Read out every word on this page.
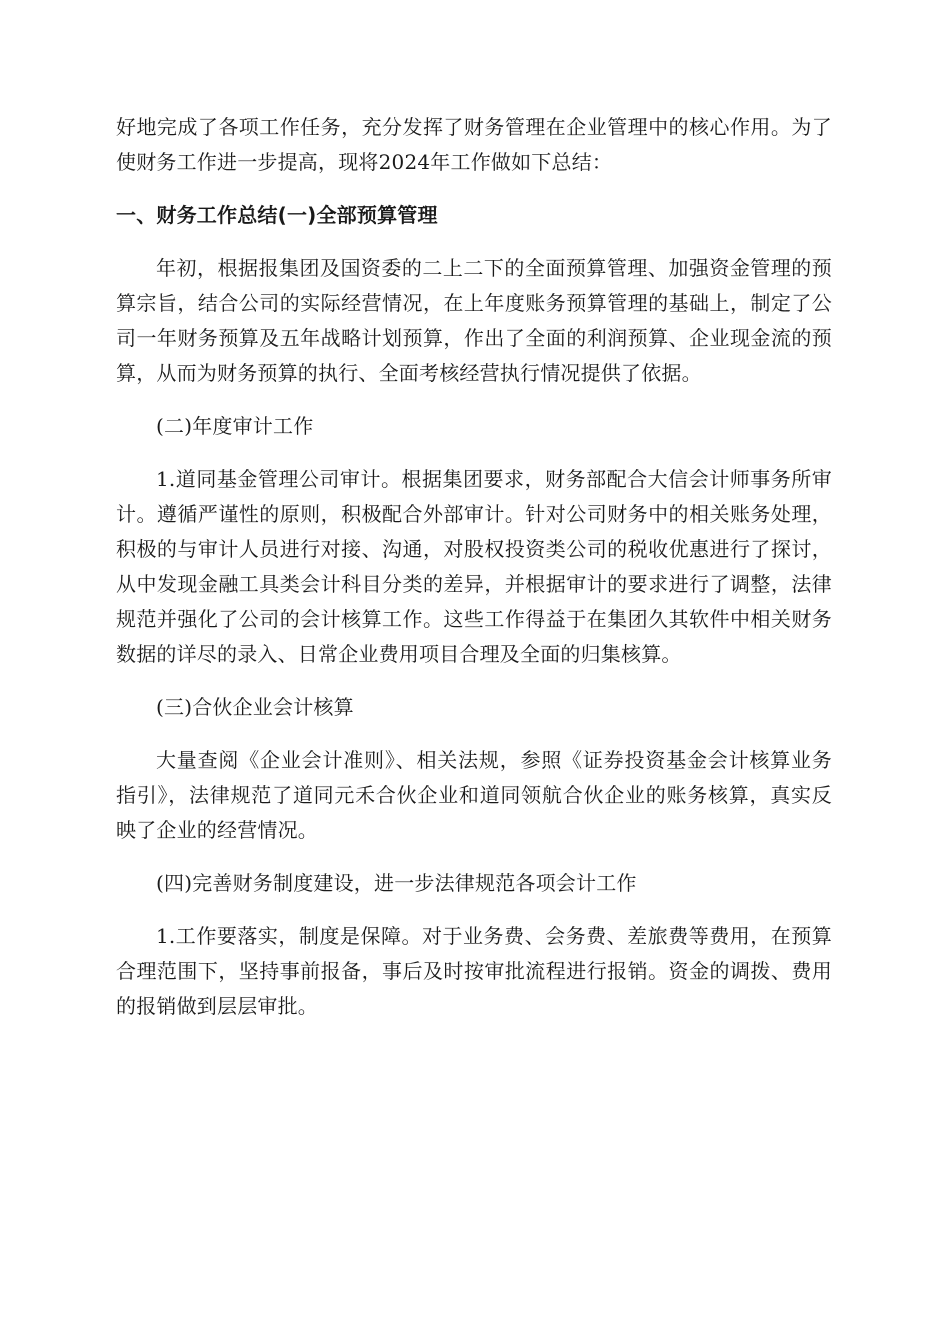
好地完成了各项工作任务，充分发挥了财务管理在企业管理中的核心作用。为了使财务工作进一步提高，现将2024年工作做如下总结：

一、财务工作总结(一)全部预算管理

年初，根据报集团及国资委的二上二下的全面预算管理、加强资金管理的预算宗旨，结合公司的实际经营情况，在上年度账务预算管理的基础上，制定了公司一年财务预算及五年战略计划预算，作出了全面的利润预算、企业现金流的预算，从而为财务预算的执行、全面考核经营执行情况提供了依据。

(二)年度审计工作

1.道同基金管理公司审计。根据集团要求，财务部配合大信会计师事务所审计。遵循严谨性的原则，积极配合外部审计。针对公司财务中的相关账务处理，积极的与审计人员进行对接、沟通，对股权投资类公司的税收优惠进行了探讨，从中发现金融工具类会计科目分类的差异，并根据审计的要求进行了调整，法律规范并强化了公司的会计核算工作。这些工作得益于在集团久其软件中相关财务数据的详尽的录入、日常企业费用项目合理及全面的归集核算。

(三)合伙企业会计核算

大量查阅《企业会计准则》、相关法规，参照《证券投资基金会计核算业务指引》，法律规范了道同元禾合伙企业和道同领航合伙企业的账务核算，真实反映了企业的经营情况。

(四)完善财务制度建设，进一步法律规范各项会计工作

1.工作要落实，制度是保障。对于业务费、会务费、差旅费等费用，在预算合理范围下，坚持事前报备，事后及时按审批流程进行报销。资金的调拨、费用的报销做到层层审批。
